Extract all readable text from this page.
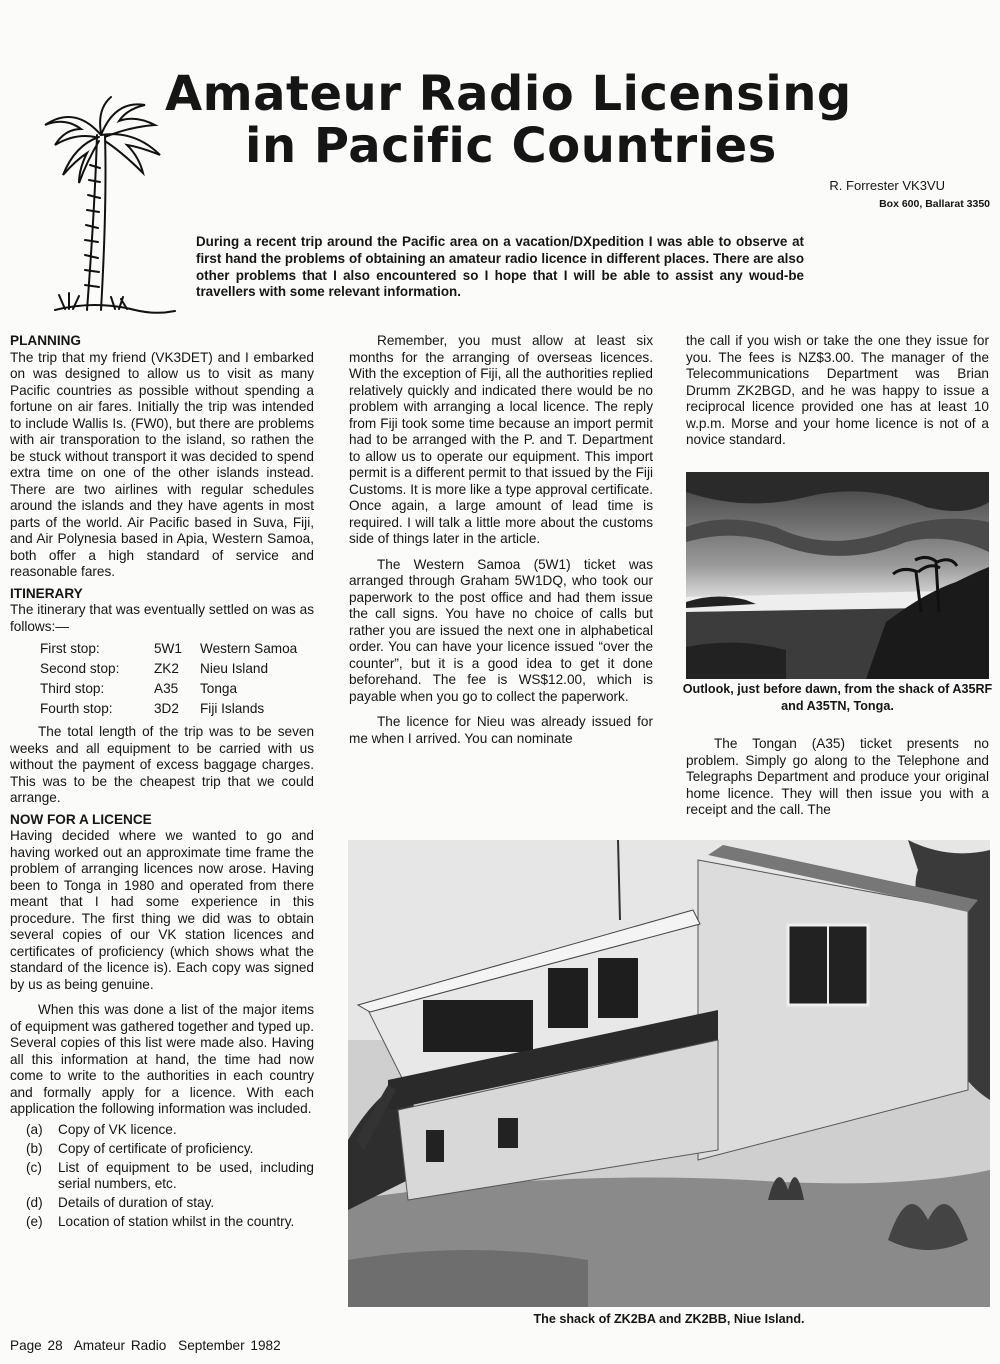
Amateur Radio Licensing
in Pacific Countries
R. Forrester VK3VU
Box 600, Ballarat 3350

During a recent trip around the Pacific area on a vacation/DXpedition I was able to observe at first hand the problems of obtaining an amateur radio licence in different places. There are also other problems that I also encountered so I hope that I will be able to assist any woud-be travellers with some relevant information.

PLANNING

The trip that my friend (VK3DET) and I embarked on was designed to allow us to visit as many Pacific countries as possible without spending a fortune on air fares. Initially the trip was intended to include Wallis Is. (FW0), but there are problems with air transporation to the island, so rathen the be stuck without transport it was decided to spend extra time on one of the other islands instead. There are two airlines with regular schedules around the islands and they have agents in most parts of the world. Air Pacific based in Suva, Fiji, and Air Polynesia based in Apia, Western Samoa, both offer a high standard of service and reasonable fares.

ITINERARY

The itinerary that was eventually settled on was as follows:—

First stop:	5W1	Western Samoa
Second stop:	ZK2	Nieu Island
Third stop:	A35	Tonga
Fourth stop:	3D2	Fiji Islands

The total length of the trip was to be seven weeks and all equipment to be carried with us without the payment of excess baggage charges. This was to be the cheapest trip that we could arrange.

NOW FOR A LICENCE

Having decided where we wanted to go and having worked out an approximate time frame the problem of arranging licences now arose. Having been to Tonga in 1980 and operated from there meant that I had some experience in this procedure. The first thing we did was to obtain several copies of our VK station licences and certificates of proficiency (which shows what the standard of the licence is). Each copy was signed by us as being genuine.

When this was done a list of the major items of equipment was gathered together and typed up. Several copies of this list were made also. Having all this information at hand, the time had now come to write to the authorities in each country and formally apply for a licence. With each application the following information was included.

(a)	Copy of VK licence.
(b)	Copy of certificate of proficiency.
(c)	List of equipment to be used, including serial numbers, etc.
(d)	Details of duration of stay.
(e)	Location of station whilst in the country.

Remember, you must allow at least six months for the arranging of overseas licences. With the exception of Fiji, all the authorities replied relatively quickly and indicated there would be no problem with arranging a local licence. The reply from Fiji took some time because an import permit had to be arranged with the P. and T. Department to allow us to operate our equipment. This import permit is a different permit to that issued by the Fiji Customs. It is more like a type approval certificate. Once again, a large amount of lead time is required. I will talk a little more about the customs side of things later in the article.

The Western Samoa (5W1) ticket was arranged through Graham 5W1DQ, who took our paperwork to the post office and had them issue the call signs. You have no choice of calls but rather you are issued the next one in alphabetical order. You can have your licence issued “over the counter”, but it is a good idea to get it done beforehand. The fee is WS$12.00, which is payable when you go to collect the paperwork.

The licence for Nieu was already issued for me when I arrived. You can nominate

the call if you wish or take the one they issue for you. The fees is NZ$3.00. The manager of the Telecommunications Department was Brian Drumm ZK2BGD, and he was happy to issue a reciprocal licence provided one has at least 10 w.p.m. Morse and your home licence is not of a novice standard.

Outlook, just before dawn, from the shack of A35RF and A35TN, Tonga.

The Tongan (A35) ticket presents no problem. Simply go along to the Telephone and Telegraphs Department and produce your original home licence. They will then issue you with a receipt and the call. The

The shack of ZK2BA and ZK2BB, Niue Island.

Page 28 Amateur Radio September 1982
